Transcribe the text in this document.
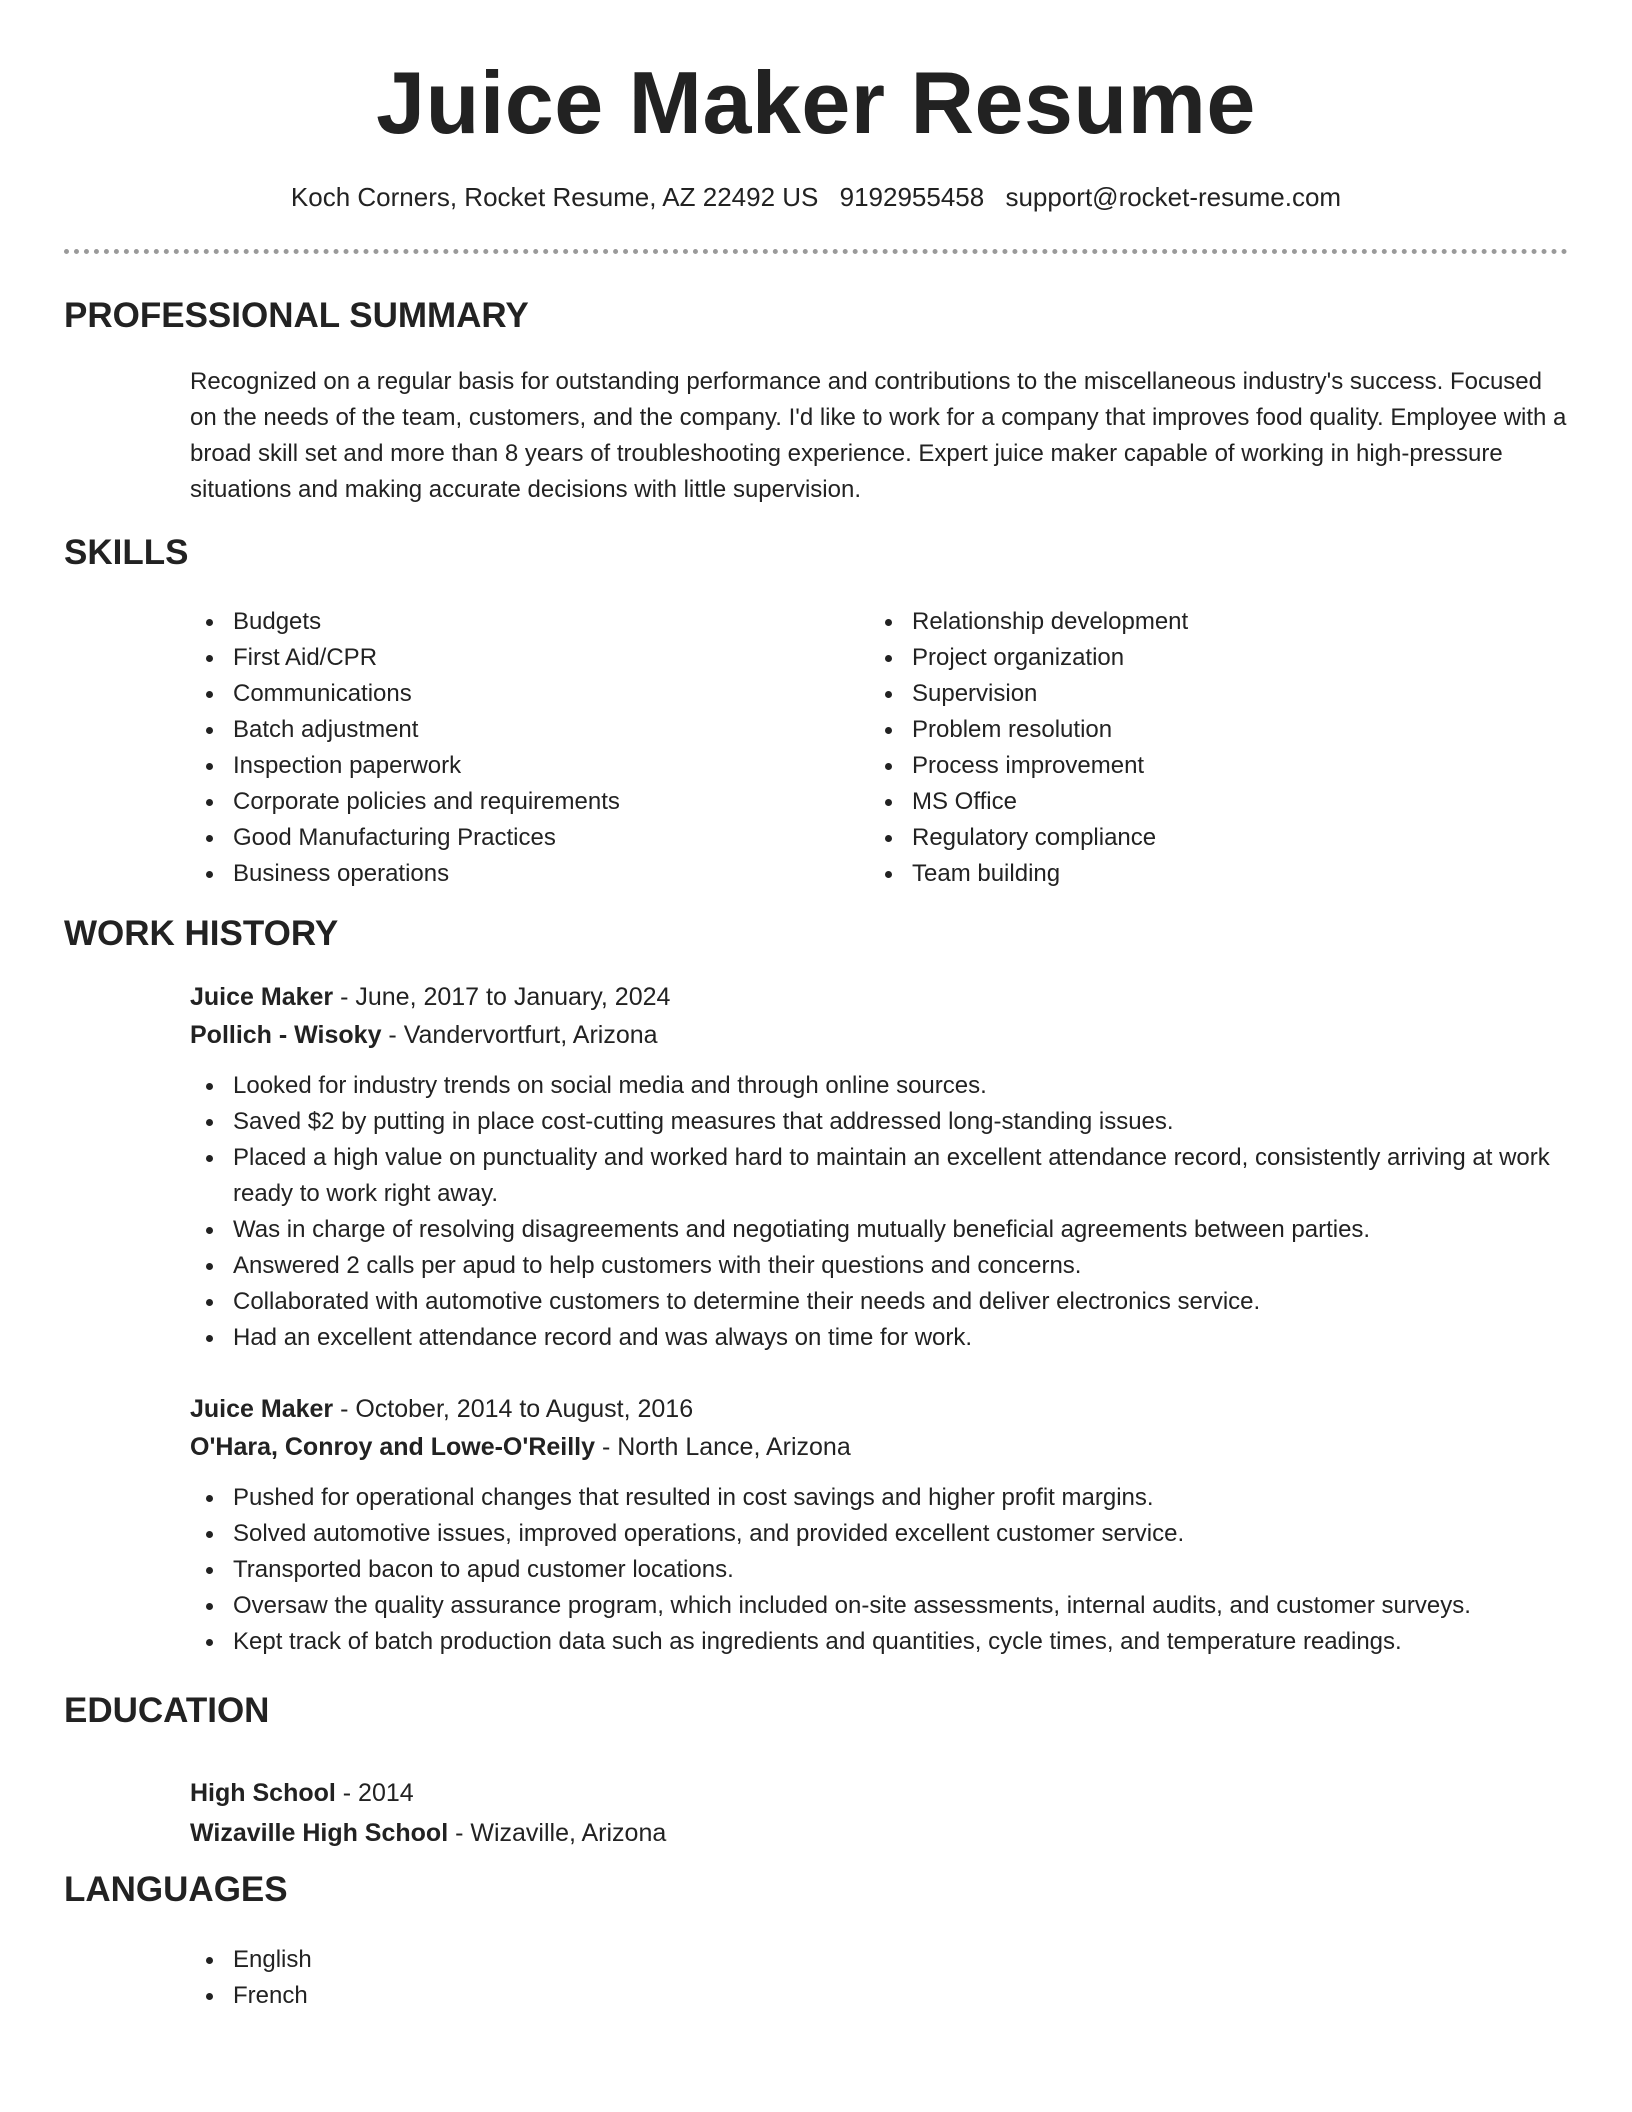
Juice Maker Resume
Koch Corners, Rocket Resume, AZ 22492 US 9192955458 support@rocket-resume.com
PROFESSIONAL SUMMARY

Recognized on a regular basis for outstanding performance and contributions to the miscellaneous industry's success. Focused on the needs of the team, customers, and the company. I'd like to work for a company that improves food quality. Employee with a broad skill set and more than 8 years of troubleshooting experience. Expert juice maker capable of working in high-pressure situations and making accurate decisions with little supervision.

SKILLS
Budgets
First Aid/CPR
Communications
Batch adjustment
Inspection paperwork
Corporate policies and requirements
Good Manufacturing Practices
Business operations
Relationship development
Project organization
Supervision
Problem resolution
Process improvement
MS Office
Regulatory compliance
Team building
WORK HISTORY
Juice Maker - June, 2017 to January, 2024
Pollich - Wisoky - Vandervortfurt, Arizona
Looked for industry trends on social media and through online sources.
Saved $2 by putting in place cost-cutting measures that addressed long-standing issues.
Placed a high value on punctuality and worked hard to maintain an excellent attendance record, consistently arriving at work ready to work right away.
Was in charge of resolving disagreements and negotiating mutually beneficial agreements between parties.
Answered 2 calls per apud to help customers with their questions and concerns.
Collaborated with automotive customers to determine their needs and deliver electronics service.
Had an excellent attendance record and was always on time for work.
Juice Maker - October, 2014 to August, 2016
O'Hara, Conroy and Lowe-O'Reilly - North Lance, Arizona
Pushed for operational changes that resulted in cost savings and higher profit margins.
Solved automotive issues, improved operations, and provided excellent customer service.
Transported bacon to apud customer locations.
Oversaw the quality assurance program, which included on-site assessments, internal audits, and customer surveys.
Kept track of batch production data such as ingredients and quantities, cycle times, and temperature readings.
EDUCATION
High School - 2014
Wizaville High School - Wizaville, Arizona
LANGUAGES
English
French
